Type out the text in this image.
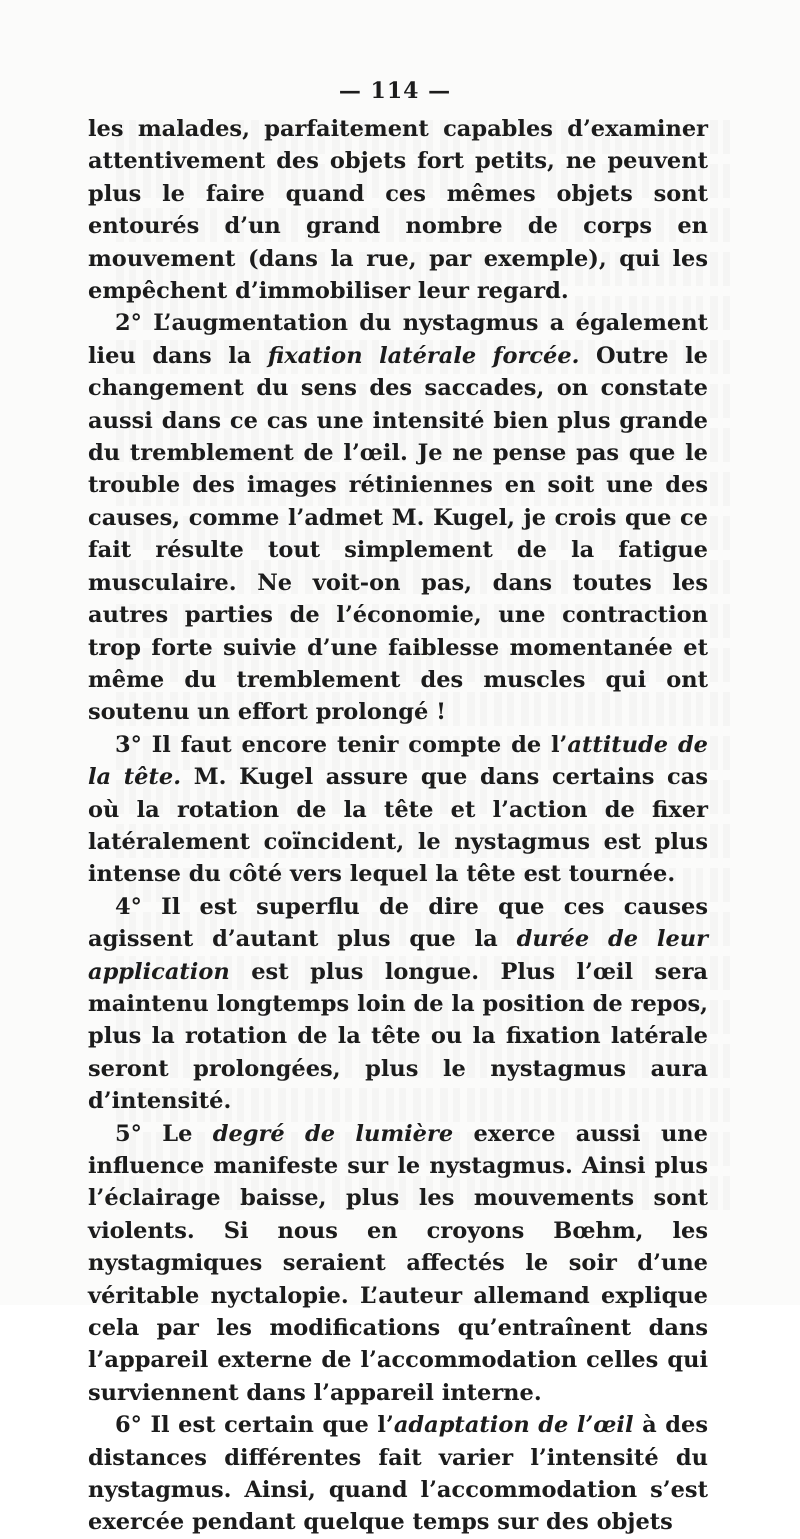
— 114 —

les malades, parfaitement capables d’examiner attentivement des objets fort petits, ne peuvent plus le faire quand ces mêmes objets sont entourés d’un grand nombre de corps en mouvement (dans la rue, par exemple), qui les empêchent d’immobiliser leur regard.

2° L’augmentation du nystagmus a également lieu dans la fixation latérale forcée. Outre le changement du sens des saccades, on constate aussi dans ce cas une intensité bien plus grande du tremblement de l’œil. Je ne pense pas que le trouble des images rétiniennes en soit une des causes, comme l’admet M. Kugel, je crois que ce fait résulte tout simplement de la fatigue musculaire. Ne voit-on pas, dans toutes les autres parties de l’économie, une contraction trop forte suivie d’une faiblesse momentanée et même du tremblement des muscles qui ont soutenu un effort prolongé !

3° Il faut encore tenir compte de l’attitude de la tête. M. Kugel assure que dans certains cas où la rotation de la tête et l’action de fixer latéralement coïncident, le nystagmus est plus intense du côté vers lequel la tête est tournée.

4° Il est superflu de dire que ces causes agissent d’autant plus que la durée de leur application est plus longue. Plus l’œil sera maintenu longtemps loin de la position de repos, plus la rotation de la tête ou la fixation latérale seront prolongées, plus le nystagmus aura d’intensité.

5° Le degré de lumière exerce aussi une influence manifeste sur le nystagmus. Ainsi plus l’éclairage baisse, plus les mouvements sont violents. Si nous en croyons Bœhm, les nystagmiques seraient affectés le soir d’une véritable nyctalopie. L’auteur allemand explique cela par les modifications qu’entraînent dans l’appareil externe de l’accommodation celles qui surviennent dans l’appareil interne.

6° Il est certain que l’adaptation de l’œil à des distances différentes fait varier l’intensité du nystagmus. Ainsi, quand l’accommodation s’est exercée pendant quelque temps sur des objets
